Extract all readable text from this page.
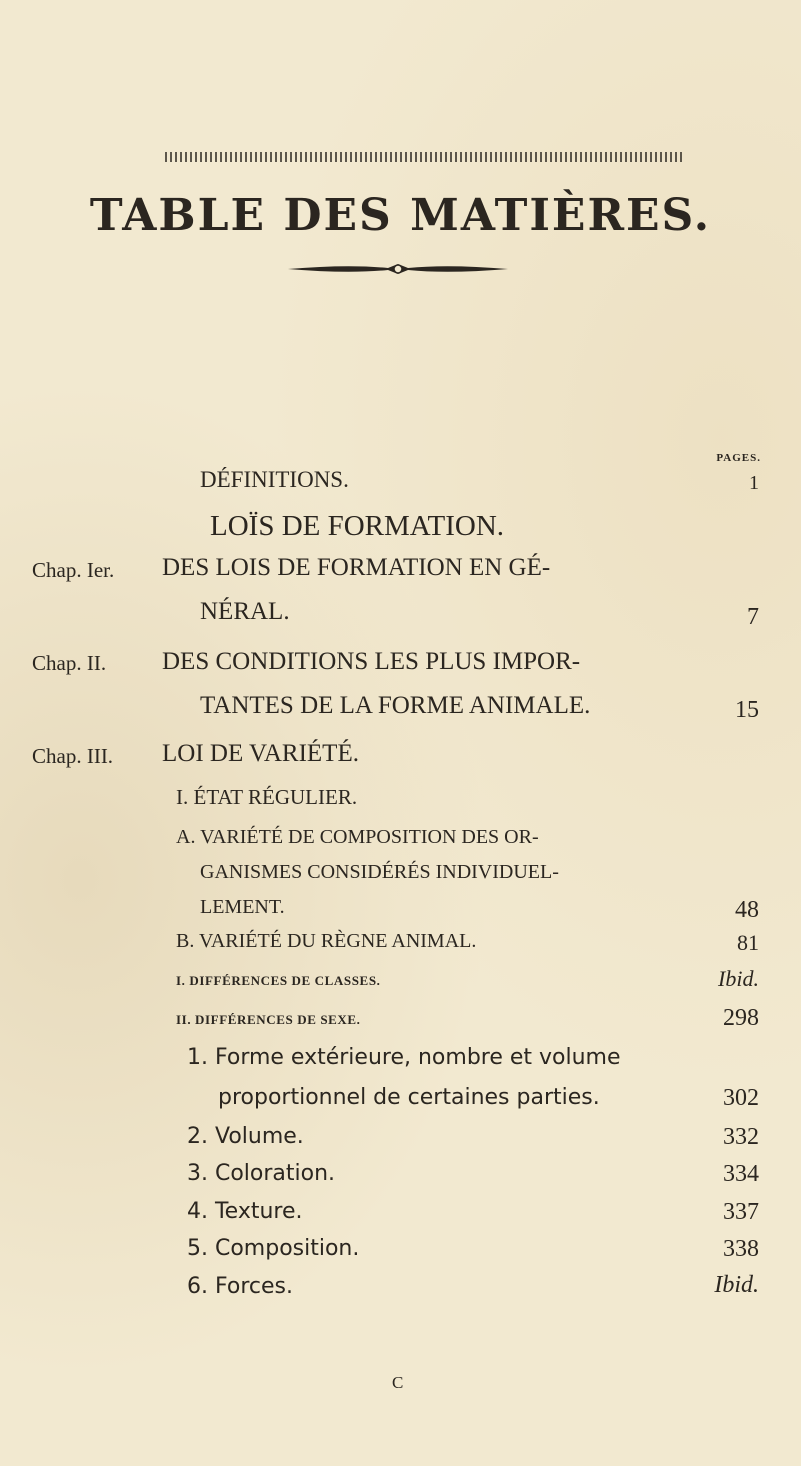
TABLE DES MATIÈRES.
PAGES.
DÉFINITIONS.	1
LOÏS DE FORMATION.
Chap. Ier. DES LOIS DE FORMATION EN GÉ-
NÉRAL.	7
Chap. II. DES CONDITIONS LES PLUS IMPOR-
TANTES DE LA FORME ANIMALE.	15
Chap. III. LOI DE VARIÉTÉ.
I. ÉTAT RÉGULIER.
A. VARIÉTÉ DE COMPOSITION DES OR-
GANISMES CONSIDÉRÉS INDIVIDUEL-
LEMENT.	48
B. VARIÉTÉ DU RÈGNE ANIMAL.	81
I. DIFFÉRENCES DE CLASSES.	Ibid.
II. DIFFÉRENCES DE SEXE.	298
1. Forme extérieure, nombre et volume
proportionnel de certaines parties.	302
2. Volume.	332
3. Coloration.	334
4. Texture.	337
5. Composition.	338
6. Forces.	Ibid.
C
